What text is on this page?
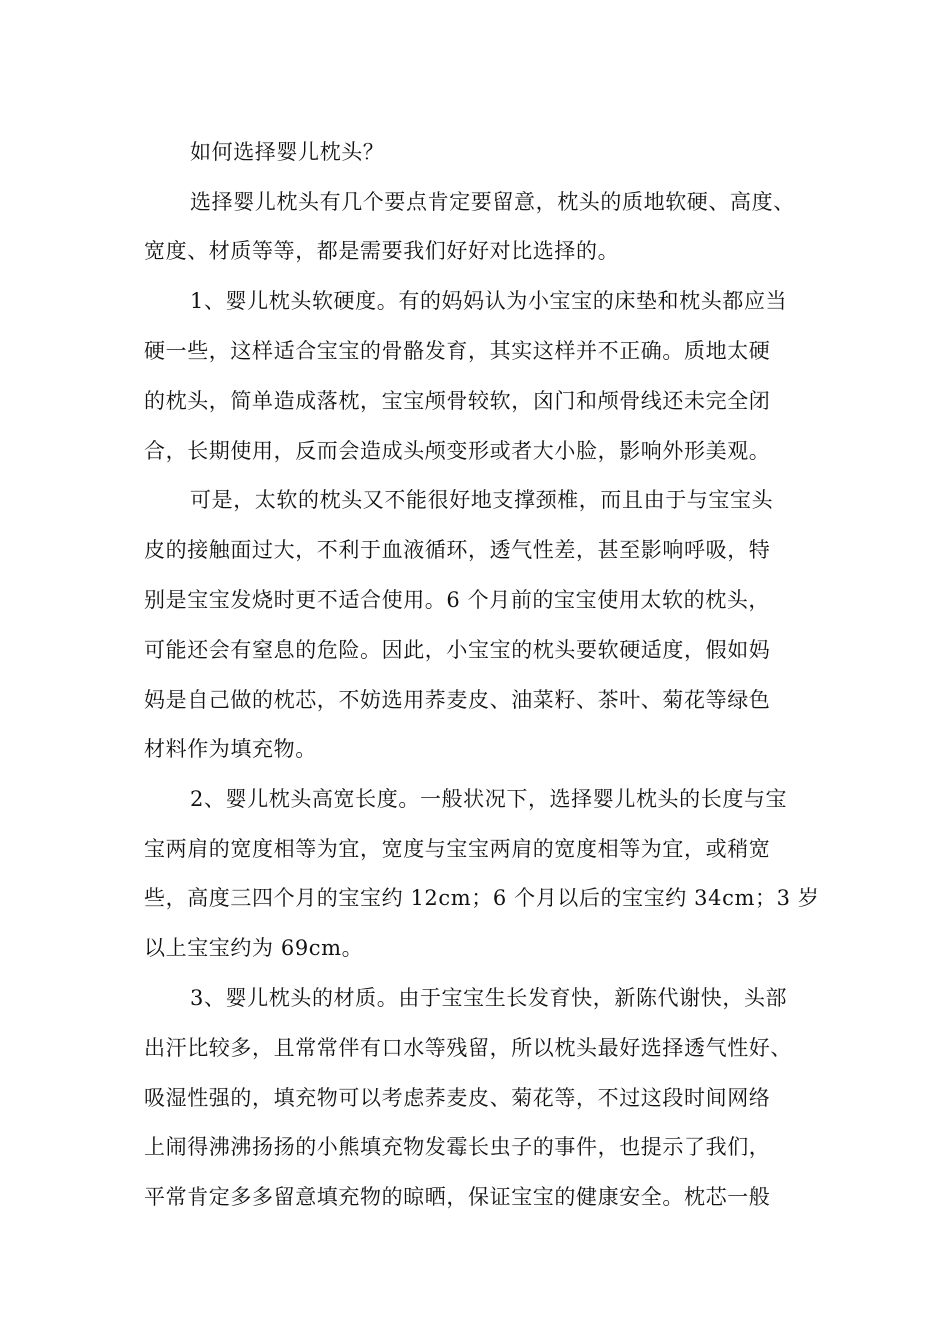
如何选择婴儿枕头？
选择婴儿枕头有几个要点肯定要留意，枕头的质地软硬、高度、
宽度、材质等等，都是需要我们好好对比选择的。
1、婴儿枕头软硬度。有的妈妈认为小宝宝的床垫和枕头都应当
硬一些，这样适合宝宝的骨骼发育，其实这样并不正确。质地太硬
的枕头，简单造成落枕，宝宝颅骨较软，囟门和颅骨线还未完全闭
合，长期使用，反而会造成头颅变形或者大小脸，影响外形美观。
可是，太软的枕头又不能很好地支撑颈椎，而且由于与宝宝头
皮的接触面过大，不利于血液循环，透气性差，甚至影响呼吸，特
别是宝宝发烧时更不适合使用。6 个月前的宝宝使用太软的枕头，
可能还会有窒息的危险。因此，小宝宝的枕头要软硬适度，假如妈
妈是自己做的枕芯，不妨选用荞麦皮、油菜籽、茶叶、菊花等绿色
材料作为填充物。
2、婴儿枕头高宽长度。一般状况下，选择婴儿枕头的长度与宝
宝两肩的宽度相等为宜，宽度与宝宝两肩的宽度相等为宜，或稍宽
些，高度三四个月的宝宝约 12cm；6 个月以后的宝宝约 34cm；3 岁
以上宝宝约为 69cm。
3、婴儿枕头的材质。由于宝宝生长发育快，新陈代谢快，头部
出汗比较多，且常常伴有口水等残留，所以枕头最好选择透气性好、
吸湿性强的，填充物可以考虑荞麦皮、菊花等，不过这段时间网络
上闹得沸沸扬扬的小熊填充物发霉长虫子的事件，也提示了我们，
平常肯定多多留意填充物的晾晒，保证宝宝的健康安全。枕芯一般
